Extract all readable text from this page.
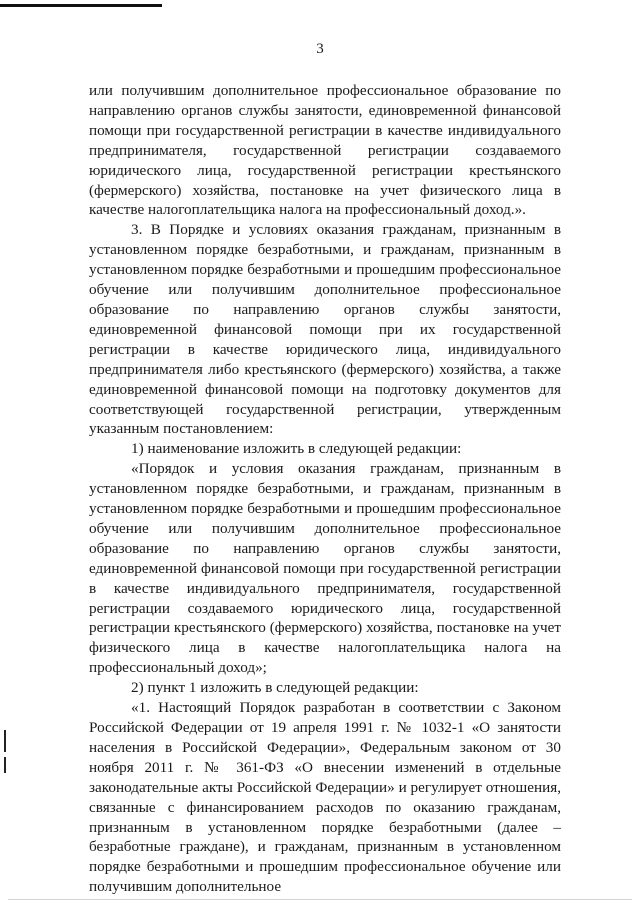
3

или получившим дополнительное профессиональное образование по направлению органов службы занятости, единовременной финансовой помощи при государственной регистрации в качестве индивидуального предпринимателя, государственной регистрации создаваемого юридического лица, государственной регистрации крестьянского (фермерского) хозяйства, постановке на учет физического лица в качестве налогоплательщика налога на профессиональный доход.».

3. В Порядке и условиях оказания гражданам, признанным в установленном порядке безработными, и гражданам, признанным в установленном порядке безработными и прошедшим профессиональное обучение или получившим дополнительное профессиональное образование по направлению органов службы занятости, единовременной финансовой помощи при их государственной регистрации в качестве юридического лица, индивидуального предпринимателя либо крестьянского (фермерского) хозяйства, а также единовременной финансовой помощи на подготовку документов для соответствующей государственной регистрации, утвержденным указанным постановлением:

1) наименование изложить в следующей редакции:

«Порядок и условия оказания гражданам, признанным в установленном порядке безработными, и гражданам, признанным в установленном порядке безработными и прошедшим профессиональное обучение или получившим дополнительное профессиональное образование по направлению органов службы занятости, единовременной финансовой помощи при государственной регистрации в качестве индивидуального предпринимателя, государственной регистрации создаваемого юридического лица, государственной регистрации крестьянского (фермерского) хозяйства, постановке на учет физического лица в качестве налогоплательщика налога на профессиональный доход»;

2) пункт 1 изложить в следующей редакции:

«1. Настоящий Порядок разработан в соответствии с Законом Российской Федерации от 19 апреля 1991 г. № 1032-1 «О занятости населения в Российской Федерации», Федеральным законом от 30 ноября 2011 г. № 361-ФЗ «О внесении изменений в отдельные законодательные акты Российской Федерации» и регулирует отношения, связанные с финансированием расходов по оказанию гражданам, признанным в установленном порядке безработными (далее – безработные граждане), и гражданам, признанным в установленном порядке безработными и прошедшим профессиональное обучение или получившим дополнительное
